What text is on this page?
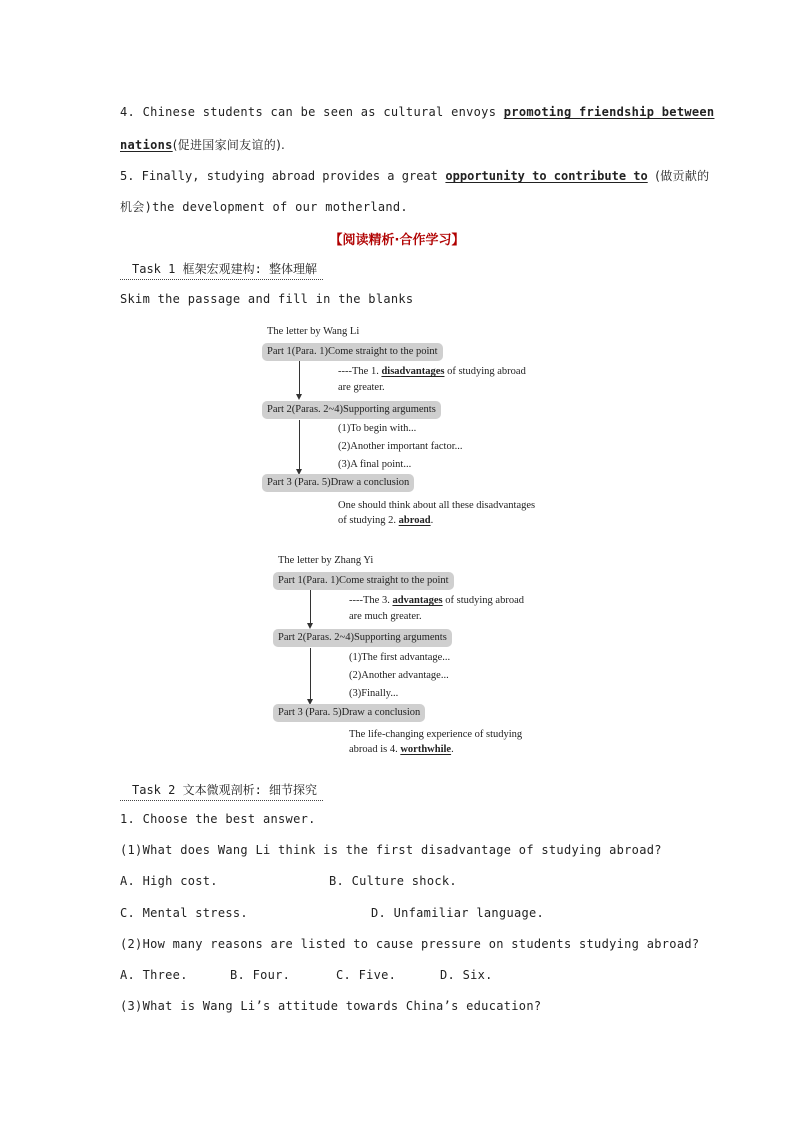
4. Chinese students can be seen as cultural envoys promoting friendship between
nations(促进国家间友谊的).
5. Finally, studying abroad provides a great opportunity to contribute to (做贡献的
机会)the development of our motherland.
【阅读精析·合作学习】
Task 1 框架宏观建构: 整体理解
Skim the passage and fill in the blanks
The letter by Wang Li
Part 1(Para. 1)Come straight to the point
----The 1. disadvantages of studying abroad
are greater.
Part 2(Paras. 2~4)Supporting arguments
(1)To begin with...
(2)Another important factor...
(3)A final point...
Part 3 (Para. 5)Draw a conclusion
One should think about all these disadvantages
of studying 2. abroad.
The letter by Zhang Yi
Part 1(Para. 1)Come straight to the point
----The 3. advantages of studying abroad
are much greater.
Part 2(Paras. 2~4)Supporting arguments
(1)The first advantage...
(2)Another advantage...
(3)Finally...
Part 3 (Para. 5)Draw a conclusion
The life-changing experience of studying
abroad is 4. worthwhile.
Task 2 文本微观剖析: 细节探究
1. Choose the best answer.
(1)What does Wang Li think is the first disadvantage of studying abroad?
A. High cost.	B. Culture shock.
C. Mental stress.	D. Unfamiliar language.
(2)How many reasons are listed to cause pressure on students studying abroad?
A. Three.	B. Four.	C. Five.	D. Six.
(3)What is Wang Li’s attitude towards China’s education?
